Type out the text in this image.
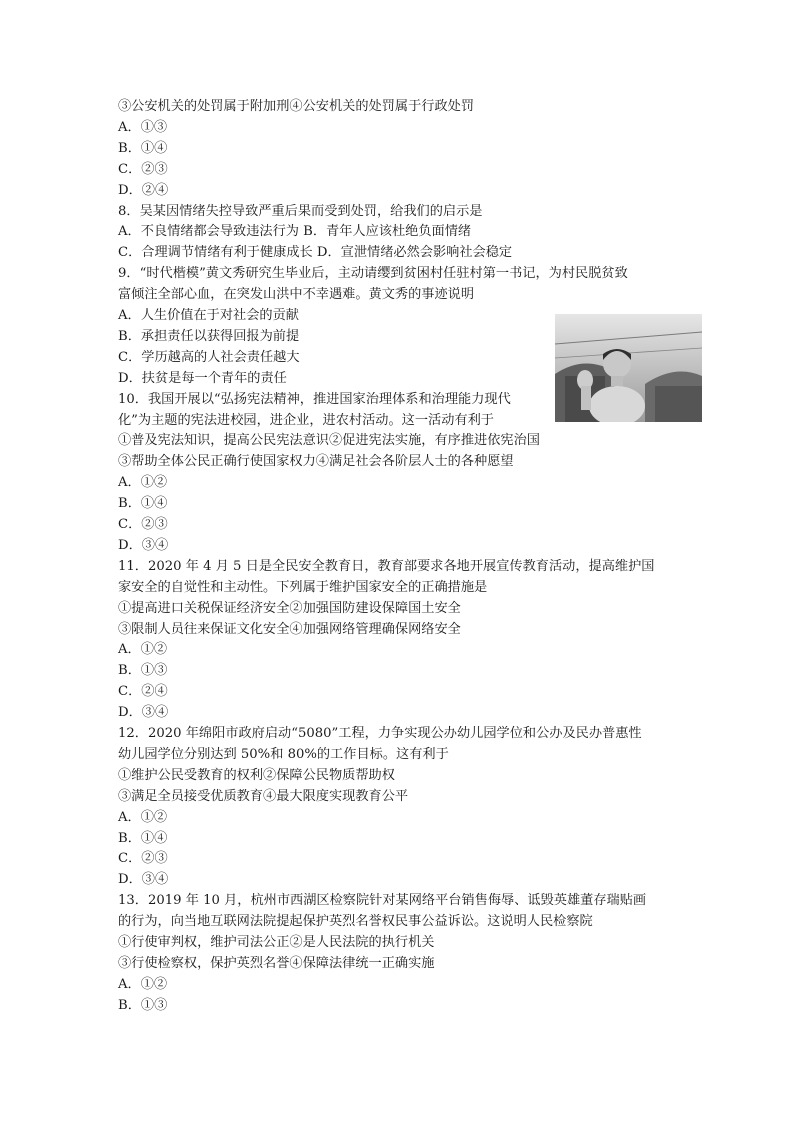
③公安机关的处罚属于附加刑④公安机关的处罚属于行政处罚
A．①③
B．①④
C．②③
D．②④
8．吴某因情绪失控导致严重后果而受到处罚，给我们的启示是
A．不良情绪都会导致违法行为 B．青年人应该杜绝负面情绪
C．合理调节情绪有利于健康成长 D．宣泄情绪必然会影响社会稳定
9．“时代楷模”黄文秀研究生毕业后，主动请缨到贫困村任驻村第一书记，为村民脱贫致
富倾注全部心血，在突发山洪中不幸遇难。黄文秀的事迹说明
A．人生价值在于对社会的贡献
B．承担责任以获得回报为前提
C．学历越高的人社会责任越大
D．扶贫是每一个青年的责任
10．我国开展以“弘扬宪法精神，推进国家治理体系和治理能力现代
化”为主题的宪法进校园，进企业，进农村活动。这一活动有利于
①普及宪法知识，提高公民宪法意识②促进宪法实施，有序推进依宪治国
③帮助全体公民正确行使国家权力④满足社会各阶层人士的各种愿望
A．①②
B．①④
C．②③
D．③④
11．2020 年 4 月 5 日是全民安全教育日，教育部要求各地开展宣传教育活动，提高维护国
家安全的自觉性和主动性。下列属于维护国家安全的正确措施是
①提高进口关税保证经济安全②加强国防建设保障国土安全
③限制人员往来保证文化安全④加强网络管理确保网络安全
A．①②
B．①③
C．②④
D．③④
12．2020 年绵阳市政府启动“5080”工程，力争实现公办幼儿园学位和公办及民办普惠性
幼儿园学位分别达到 50%和 80%的工作目标。这有利于
①维护公民受教育的权利②保障公民物质帮助权
③满足全员接受优质教育④最大限度实现教育公平
A．①②
B．①④
C．②③
D．③④
13．2019 年 10 月，杭州市西湖区检察院针对某网络平台销售侮辱、诋毁英雄董存瑞贴画
的行为，向当地互联网法院提起保护英烈名誉权民事公益诉讼。这说明人民检察院
①行使审判权，维护司法公正②是人民法院的执行机关
③行使检察权，保护英烈名誉④保障法律统一正确实施
A．①②
B．①③
